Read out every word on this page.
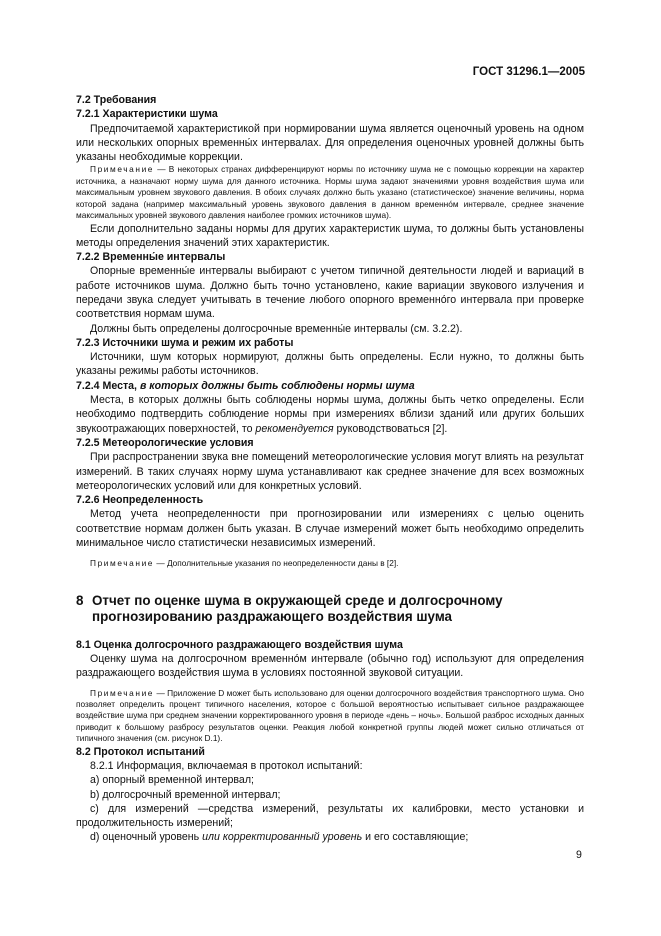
ГОСТ 31296.1—2005

7.2 Требования

7.2.1 Характеристики шума

Предпочитаемой характеристикой при нормировании шума является оценочный уровень на одном или нескольких опорных временны́х интервалах. Для определения оценочных уровней должны быть указаны необходимые коррекции.

Примечание — В некоторых странах дифференцируют нормы по источнику шума не с помощью коррекции на характер источника, а назначают норму шума для данного источника. Нормы шума задают значениями уровня воздействия шума или максимальным уровнем звукового давления. В обоих случаях должно быть указано (статистическое) значение величины, норма которой задана (например максимальный уровень звукового давления в данном временно́м интервале, среднее значение максимальных уровней звукового давления наиболее громких источников шума).

Если дополнительно заданы нормы для других характеристик шума, то должны быть установлены методы определения значений этих характеристик.

7.2.2 Временны́е интервалы

Опорные временны́е интервалы выбирают с учетом типичной деятельности людей и вариаций в работе источников шума. Должно быть точно установлено, какие вариации звукового излучения и передачи звука следует учитывать в течение любого опорного временно́го интервала при проверке соответствия нормам шума.

Должны быть определены долгосрочные временны́е интервалы (см. 3.2.2).

7.2.3 Источники шума и режим их работы

Источники, шум которых нормируют, должны быть определены. Если нужно, то должны быть указаны режимы работы источников.

7.2.4 Места, в которых должны быть соблюдены нормы шума

Места, в которых должны быть соблюдены нормы шума, должны быть четко определены. Если необходимо подтвердить соблюдение нормы при измерениях вблизи зданий или других больших звукоотражающих поверхностей, то рекомендуется руководствоваться [2].

7.2.5 Метеорологические условия

При распространении звука вне помещений метеорологические условия могут влиять на результат измерений. В таких случаях норму шума устанавливают как среднее значение для всех возможных метеорологических условий или для конкретных условий.

7.2.6 Неопределенность

Метод учета неопределенности при прогнозировании или измерениях с целью оценить соответствие нормам должен быть указан. В случае измерений может быть необходимо определить минимальное число статистически независимых измерений.

Примечание — Дополнительные указания по неопределенности даны в [2].

8 Отчет по оценке шума в окружающей среде и долгосрочному
прогнозированию раздражающего воздействия шума

8.1 Оценка долгосрочного раздражающего воздействия шума

Оценку шума на долгосрочном временно́м интервале (обычно год) используют для определения раздражающего воздействия шума в условиях постоянной звуковой ситуации.

Примечание — Приложение D может быть использовано для оценки долгосрочного воздействия транспортного шума. Оно позволяет определить процент типичного населения, которое с большой вероятностью испытывает сильное раздражающее воздействие шума при среднем значении корректированного уровня в периоде «день – ночь». Большой разброс исходных данных приводит к большому разбросу результатов оценки. Реакция любой конкретной группы людей может сильно отличаться от типичного значения (см. рисунок D.1).

8.2 Протокол испытаний

8.2.1 Информация, включаемая в протокол испытаний:

a) опорный временной интервал;

b) долгосрочный временной интервал;

c) для измерений —средства измерений, результаты их калибровки, место установки и продолжительность измерений;

d) оценочный уровень или корректированный уровень и его составляющие;

9
